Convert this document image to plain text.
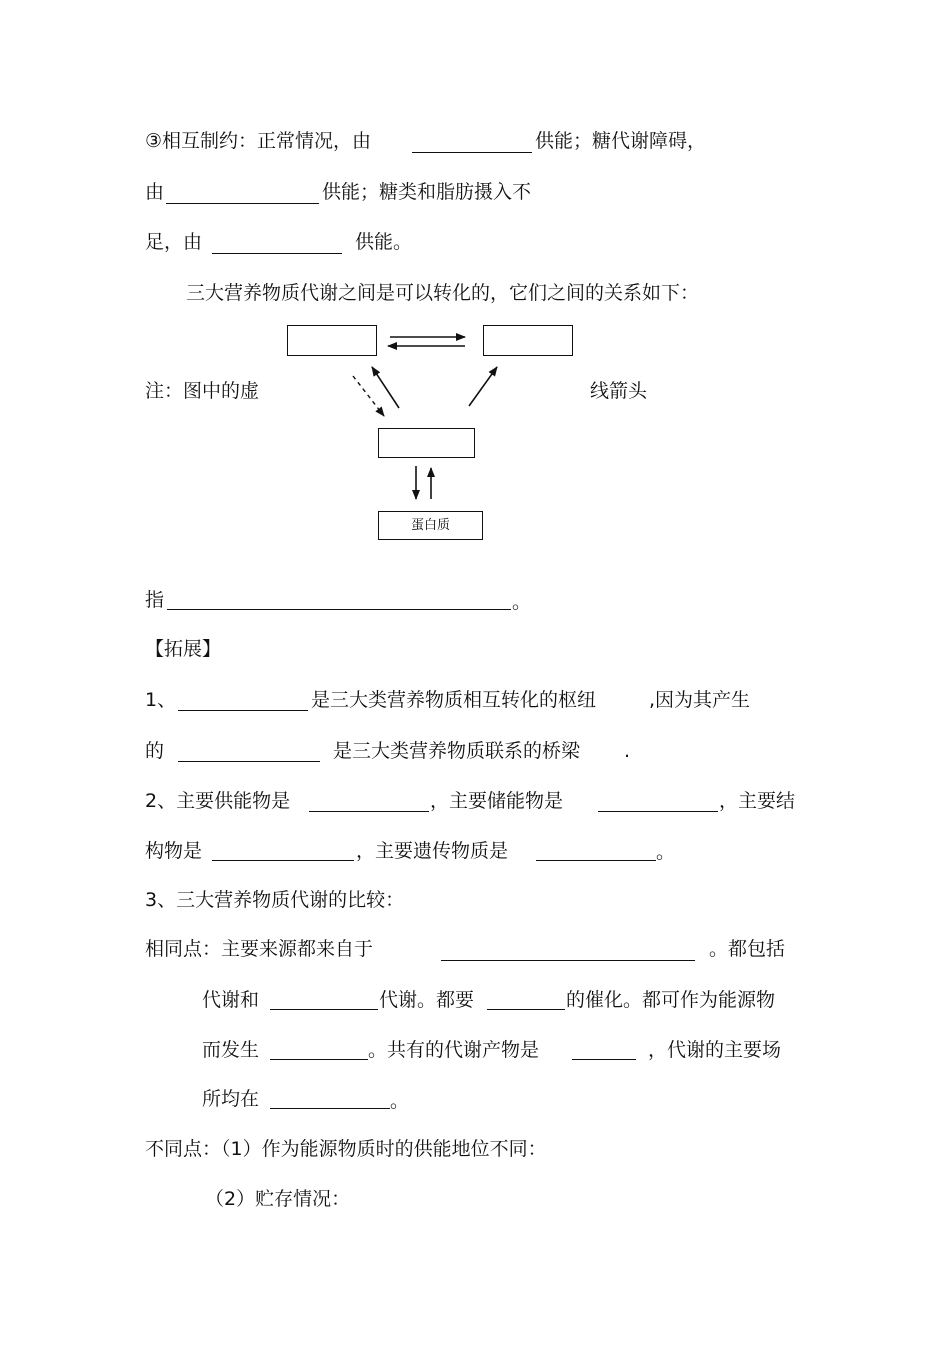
③相互制约：正常情况，由	供能；糖代谢障碍，
由	供能；糖类和脂肪摄入不
足，由	供能。
三大营养物质代谢之间是可以转化的，它们之间的关系如下：
蛋白质
注：图中的虚	线箭头
指	。
【拓展】
1、	是三大类营养物质相互转化的枢纽	,因为其产生
的	是三大类营养物质联系的桥梁 .
2、主要供能物是	，主要储能物是	，主要结
构物是	，主要遗传物质是	。
3、三大营养物质代谢的比较：
相同点：主要来源都来自于	。都包括
代谢和	代谢。都要	的催化。都可作为能源物
而发生	。共有的代谢产物是	，代谢的主要场
所均在	。
不同点：（1）作为能源物质时的供能地位不同：
（2）贮存情况：
